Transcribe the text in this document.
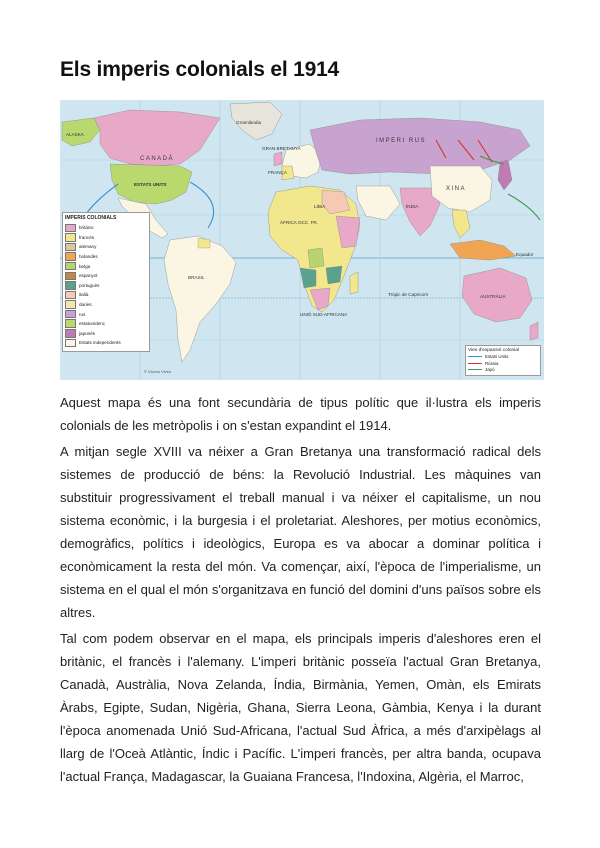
Els imperis colonials el 1914
CANADÀ
ESTATS UNITS
BRASIL
IMPERI RUS
XINA
ÍNDIA
GRAN BRETANYA
FRANÇA
ALASKA
Groenlàndia
LÍBIA
ÀFRICA OCC. FR.
UNIÓ SUD-AFRICANA
AUSTRÀLIA
Equador
Tròpic de Capricorn
IMPERIS COLONIALS
britànic
francès
alemany
holandès
belga
espanyol
portuguès
italià
danès
rus
estatunidenc
japonès
Estats independents
Vies d'expansió colonial
Estats Units
Rússia
Japó
© Vicens Vives

Aquest mapa és una font secundària de tipus polític que il·lustra els imperis colonials de les metròpolis i on s'estan expandint el 1914.

A mitjan segle XVIII va néixer a Gran Bretanya una transformació radical dels sistemes de producció de béns: la Revolució Industrial. Les màquines van substituir progressivament el treball manual i va néixer el capitalisme, un nou sistema econòmic, i la burgesia i el proletariat. Aleshores, per motius econòmics, demogràfics, polítics i ideològics, Europa es va abocar a dominar política i econòmicament la resta del món. Va començar, així, l'època de l'imperialisme, un sistema en el qual el món s'organitzava en funció del domini d'uns països sobre els altres.

Tal com podem observar en el mapa, els principals imperis d'aleshores eren el britànic, el francès i l'alemany. L'imperi britànic posseïa l'actual Gran Bretanya, Canadà, Austràlia, Nova Zelanda, Índia, Birmània, Yemen, Omàn, els Emirats Àrabs, Egipte, Sudan, Nigèria, Ghana, Sierra Leona, Gàmbia, Kenya i la durant l'època anomenada Unió Sud-Africana, l'actual Sud Àfrica, a més d'arxipèlags al llarg de l'Oceà Atlàntic, Índic i Pacífic. L'imperi francès, per altra banda, ocupava l'actual França, Madagascar, la Guaiana Francesa, l'Indoxina, Algèria, el Marroc,
